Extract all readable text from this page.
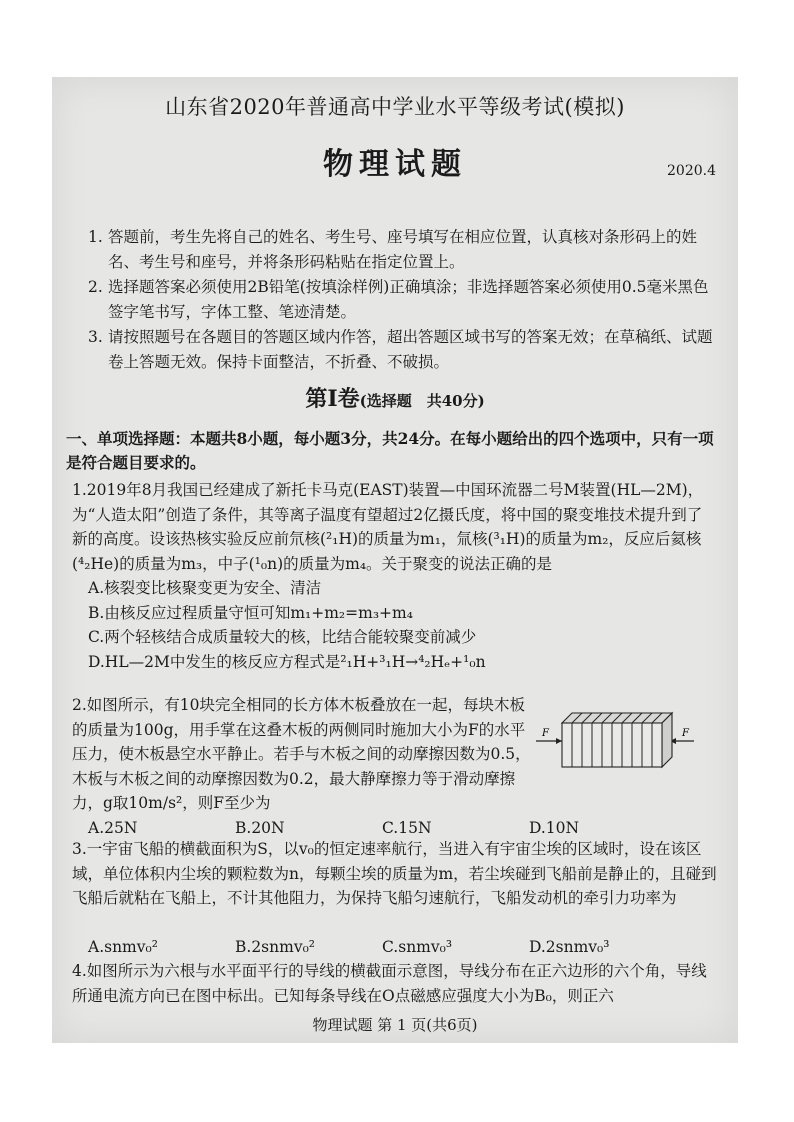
山东省2020年普通高中学业水平等级考试(模拟)
物理试题	2020.4
1. 答题前，考生先将自己的姓名、考生号、座号填写在相应位置，认真核对条形码上的姓名、考生号和座号，并将条形码粘贴在指定位置上。
2. 选择题答案必须使用2B铅笔(按填涂样例)正确填涂；非选择题答案必须使用0.5毫米黑色签字笔书写，字体工整、笔迹清楚。
3. 请按照题号在各题目的答题区域内作答，超出答题区域书写的答案无效；在草稿纸、试题卷上答题无效。保持卡面整洁，不折叠、不破损。
第Ⅰ卷(选择题　共40分)
一、单项选择题：本题共8小题，每小题3分，共24分。在每小题给出的四个选项中，只有一项是符合题目要求的。
1.2019年8月我国已经建成了新托卡马克(EAST)装置—中国环流器二号M装置(HL—2M)，为“人造太阳”创造了条件，其等离子温度有望超过2亿摄氏度，将中国的聚变堆技术提升到了新的高度。设该热核实验反应前氘核(²₁H)的质量为m₁，氚核(³₁H)的质量为m₂，反应后氦核(⁴₂He)的质量为m₃，中子(¹₀n)的质量为m₄。关于聚变的说法正确的是
A.核裂变比核聚变更为安全、清洁
B.由核反应过程质量守恒可知m₁+m₂=m₃+m₄
C.两个轻核结合成质量较大的核，比结合能较聚变前减少
D.HL—2M中发生的核反应方程式是²₁H+³₁H→⁴₂Hₑ+¹₀n
2.如图所示，有10块完全相同的长方体木板叠放在一起，每块木板的质量为100g，用手掌在这叠木板的两侧同时施加大小为F的水平压力，使木板悬空水平静止。若手与木板之间的动摩擦因数为0.5，木板与木板之间的动摩擦因数为0.2，最大静摩擦力等于滑动摩擦力，g取10m/s²，则F至少为
F	F
A.25N	B.20N	C.15N	D.10N
3.一宇宙飞船的横截面积为S，以v₀的恒定速率航行，当进入有宇宙尘埃的区域时，设在该区域，单位体积内尘埃的颗粒数为n，每颗尘埃的质量为m，若尘埃碰到飞船前是静止的，且碰到飞船后就粘在飞船上，不计其他阻力，为保持飞船匀速航行，飞船发动机的牵引力功率为
A.snmv₀²	B.2snmv₀²	C.snmv₀³	D.2snmv₀³
4.如图所示为六根与水平面平行的导线的横截面示意图，导线分布在正六边形的六个角，导线所通电流方向已在图中标出。已知每条导线在O点磁感应强度大小为B₀，则正六
物理试题 第 1 页(共6页)
